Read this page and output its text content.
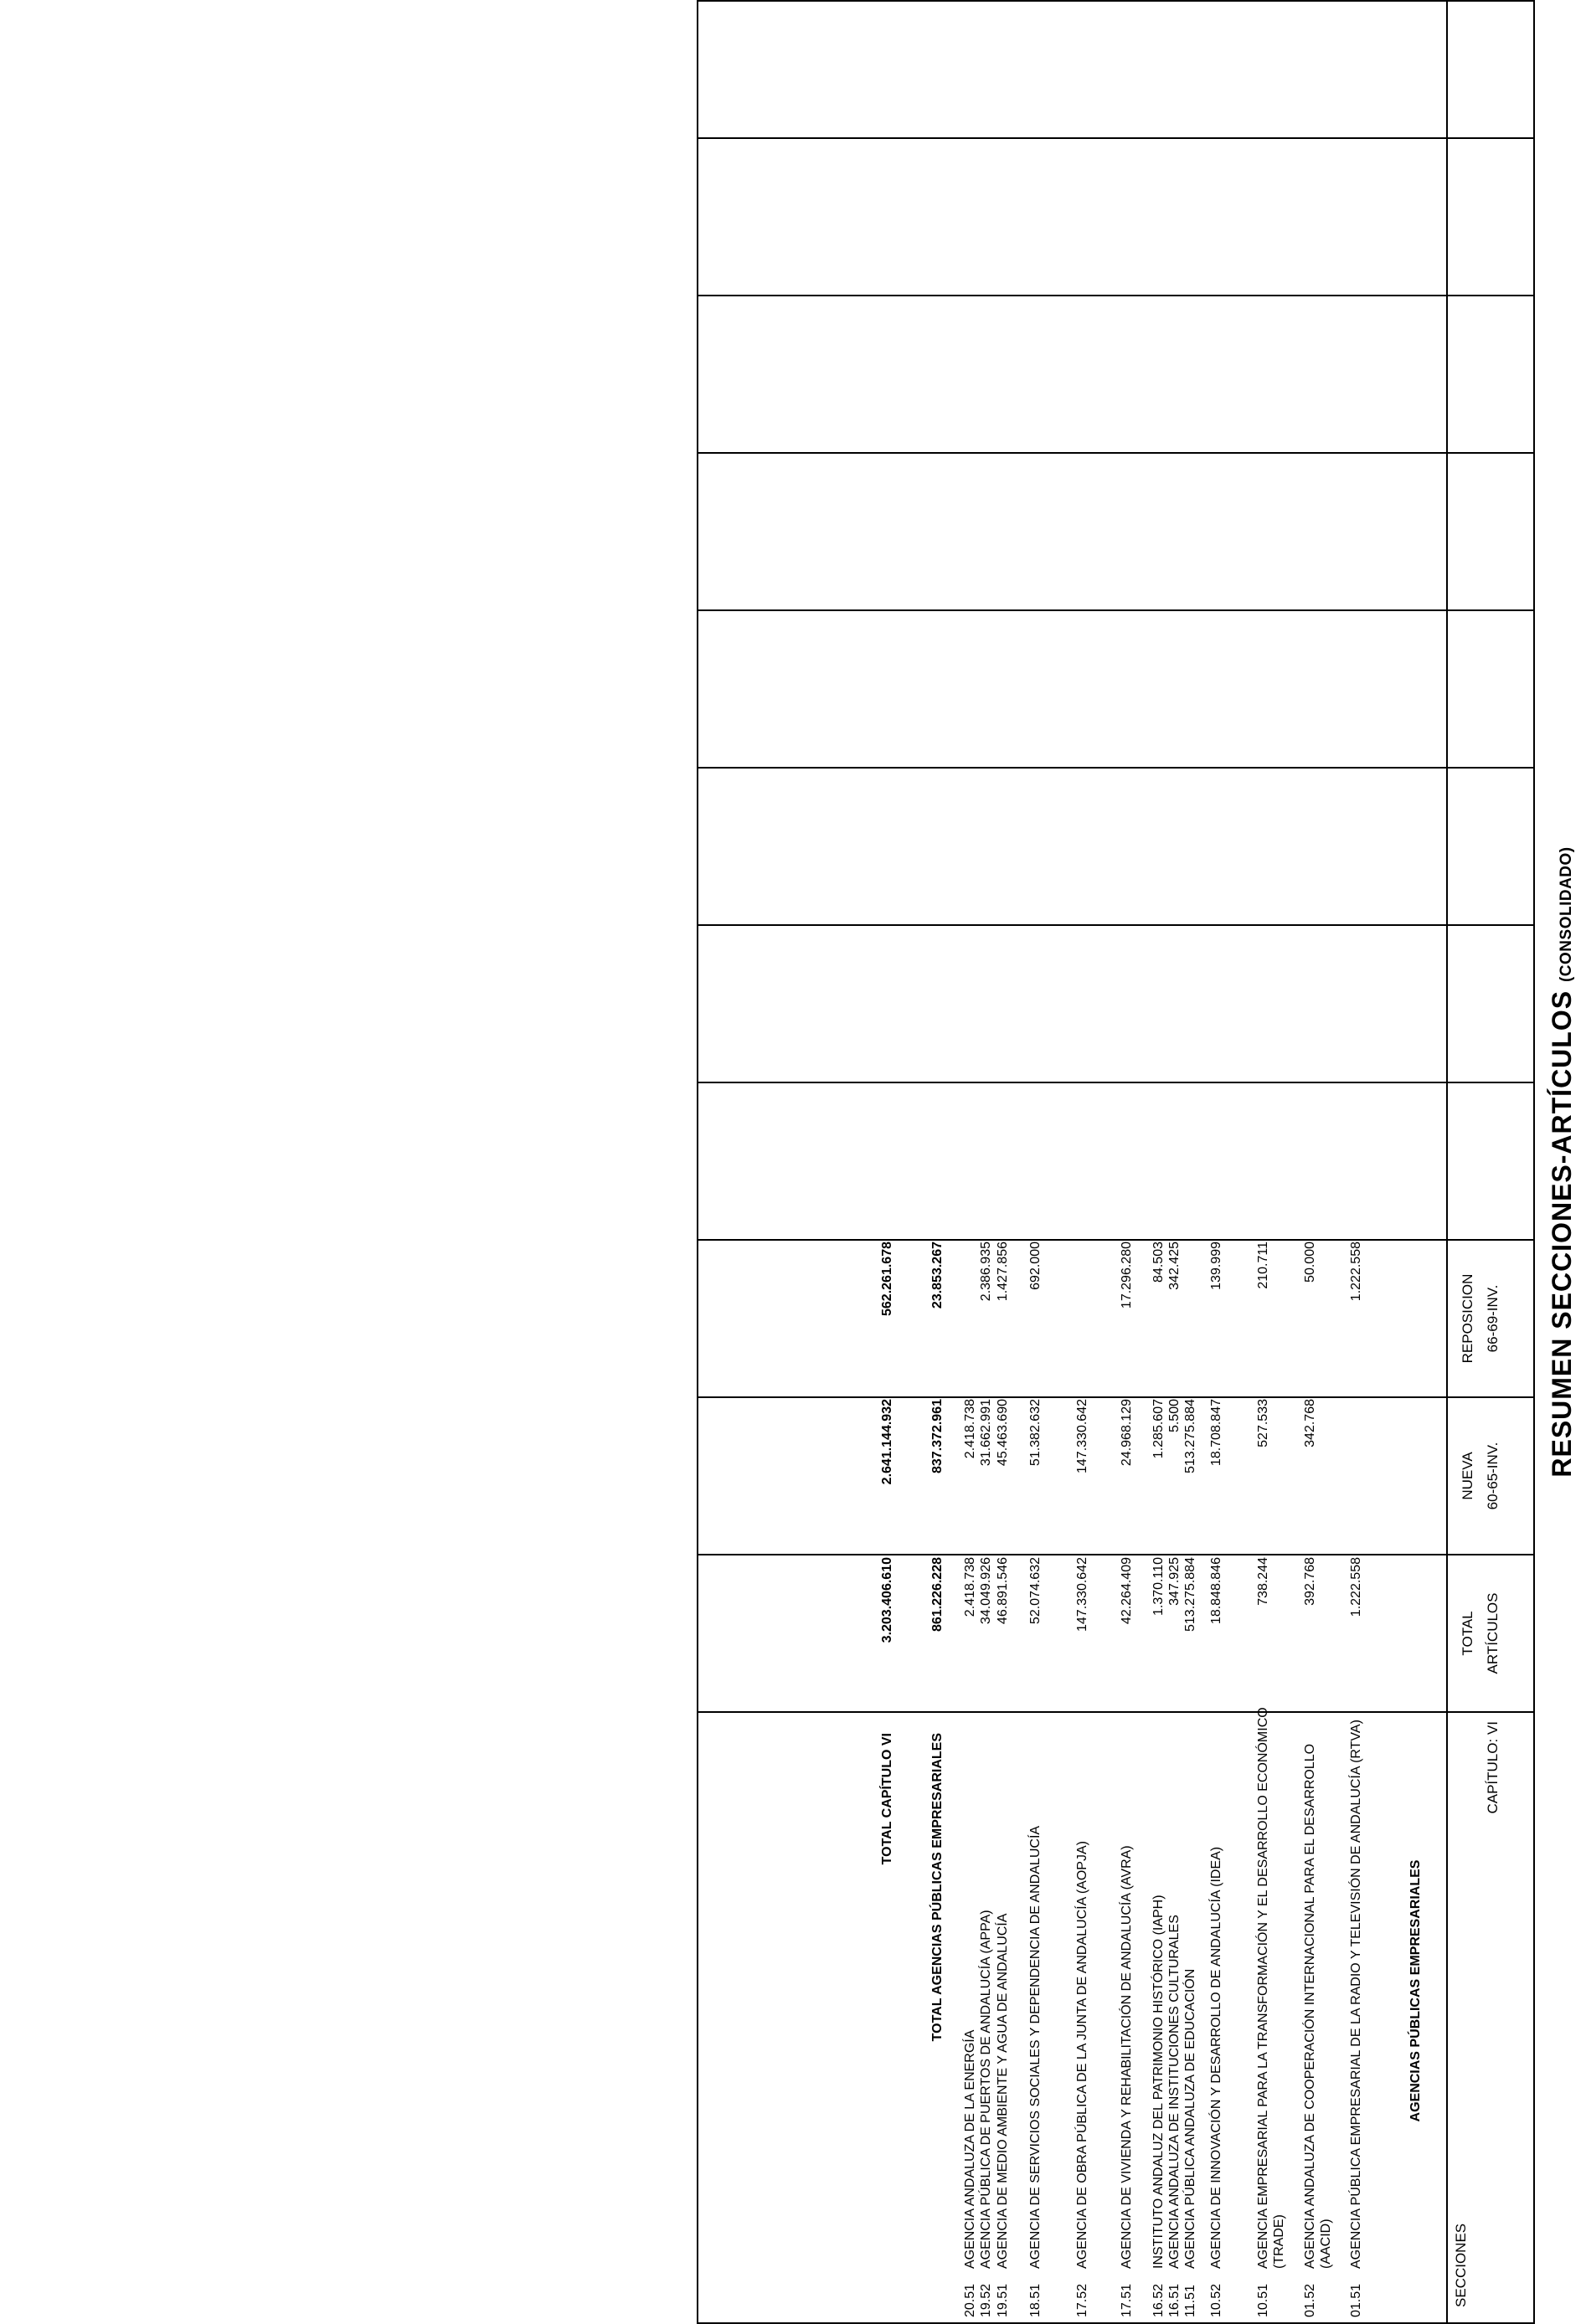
RESUMEN SECCIONES-ARTÍCULOS (CONSOLIDADO)
CAPÍTULO: VI
SECCIONES
ARTÍCULOS
TOTAL
60-65-INV.
NUEVA
66-69-INV.
REPOSICION
AGENCIAS PÚBLICAS EMPRESARIALES
01.51
AGENCIA PÚBLICA EMPRESARIAL DE LA RADIO Y TELEVISIÓN DE ANDALUCÍA (RTVA)
1.222.558
1.222.558
01.52
AGENCIA ANDALUZA DE COOPERACIÓN INTERNACIONAL PARA EL DESARROLLO (AACID)
392.768
342.768
50.000
10.51
AGENCIA EMPRESARIAL PARA LA TRANSFORMACIÓN Y EL DESARROLLO ECONÓMICO (TRADE)
738.244
527.533
210.711
10.52
AGENCIA DE INNOVACIÓN Y DESARROLLO DE ANDALUCÍA (IDEA)
18.848.846
18.708.847
139.999
11.51
AGENCIA PÚBLICA ANDALUZA DE EDUCACIÓN
513.275.884
513.275.884
16.51
AGENCIA ANDALUZA DE INSTITUCIONES CULTURALES
347.925
5.500
342.425
16.52
INSTITUTO ANDALUZ DEL PATRIMONIO HISTÓRICO (IAPH)
1.370.110
1.285.607
84.503
17.51
AGENCIA DE VIVIENDA Y REHABILITACIÓN DE ANDALUCÍA (AVRA)
42.264.409
24.968.129
17.296.280
17.52
AGENCIA DE OBRA PÚBLICA DE LA JUNTA DE ANDALUCÍA (AOPJA)
147.330.642
147.330.642
18.51
AGENCIA DE SERVICIOS SOCIALES Y DEPENDENCIA DE ANDALUCÍA
52.074.632
51.382.632
692.000
19.51
AGENCIA DE MEDIO AMBIENTE Y AGUA DE ANDALUCÍA
46.891.546
45.463.690
1.427.856
19.52
AGENCIA PÚBLICA DE PUERTOS DE ANDALUCÍA (APPA)
34.049.926
31.662.991
2.386.935
20.51
AGENCIA ANDALUZA DE LA ENERGÍA
2.418.738
2.418.738
TOTAL AGENCIAS PÚBLICAS EMPRESARIALES
861.226.228
837.372.961
23.853.267
TOTAL CAPÍTULO VI
3.203.406.610
2.641.144.932
562.261.678
